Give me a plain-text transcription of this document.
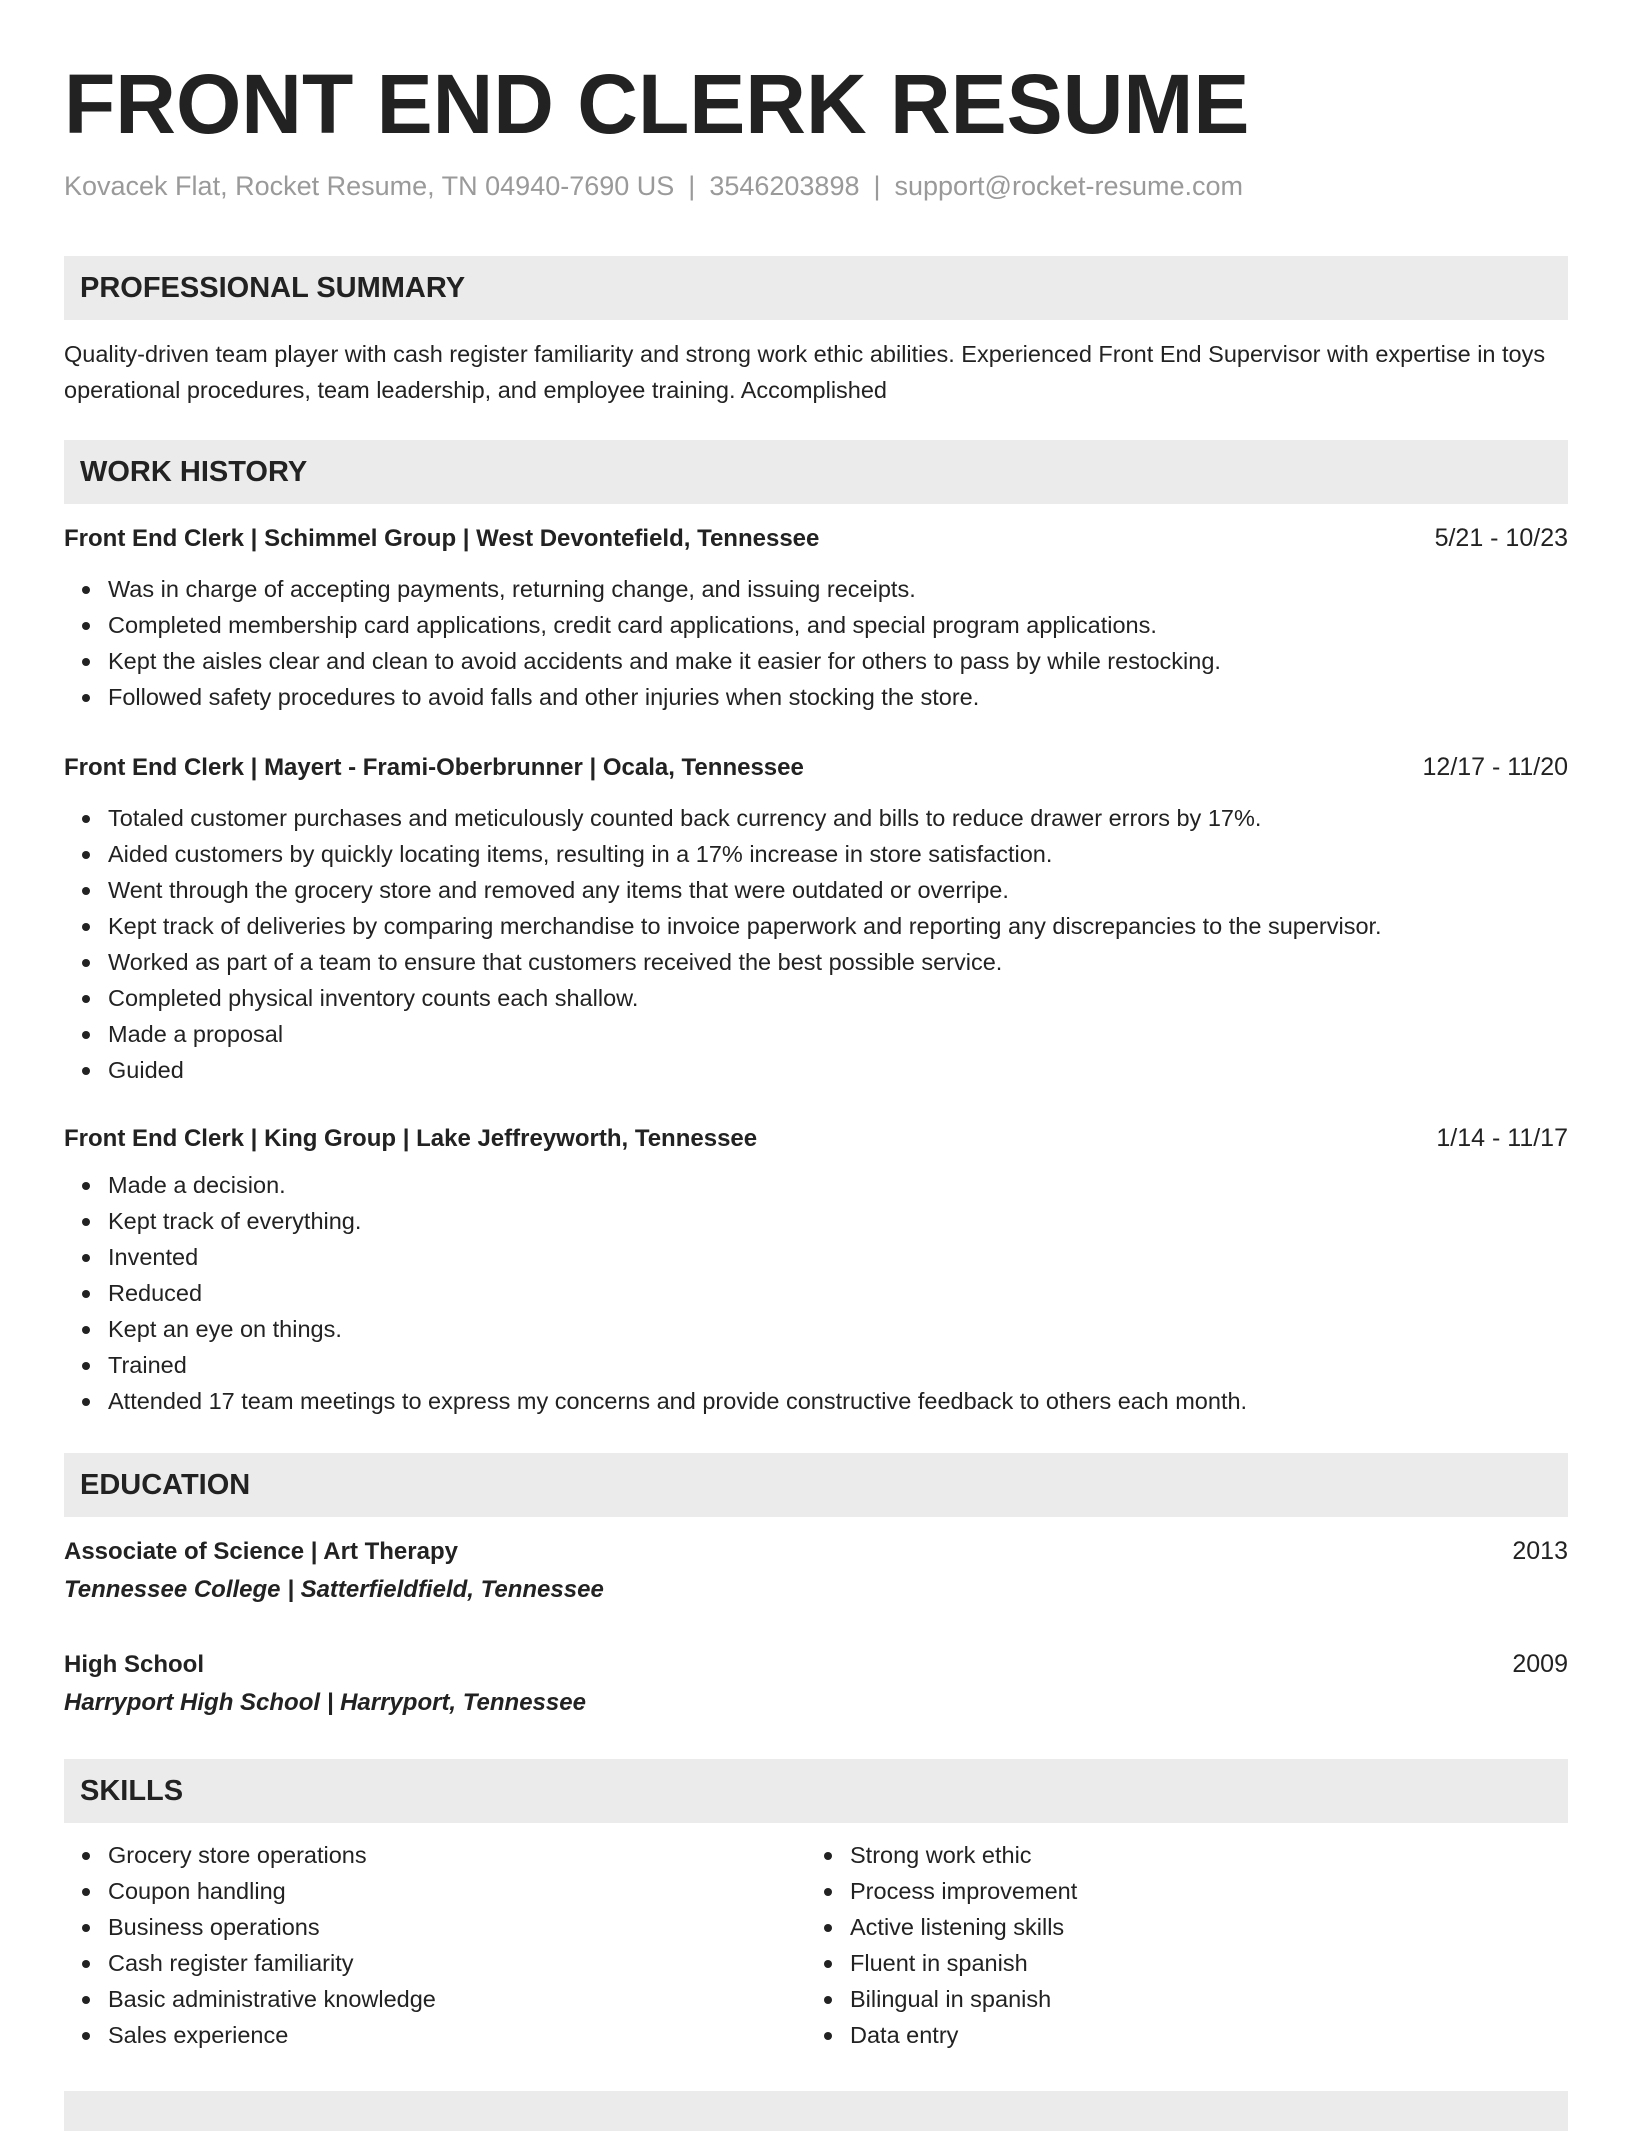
FRONT END CLERK RESUME
Kovacek Flat, Rocket Resume, TN 04940-7690 US | 3546203898 | support@rocket-resume.com
PROFESSIONAL SUMMARY
Quality-driven team player with cash register familiarity and strong work ethic abilities. Experienced Front End Supervisor with expertise in toys operational procedures, team leadership, and employee training. Accomplished
WORK HISTORY
Front End Clerk | Schimmel Group | West Devontefield, Tennessee	5/21 - 10/23
Was in charge of accepting payments, returning change, and issuing receipts.
Completed membership card applications, credit card applications, and special program applications.
Kept the aisles clear and clean to avoid accidents and make it easier for others to pass by while restocking.
Followed safety procedures to avoid falls and other injuries when stocking the store.
Front End Clerk | Mayert - Frami-Oberbrunner | Ocala, Tennessee	12/17 - 11/20
Totaled customer purchases and meticulously counted back currency and bills to reduce drawer errors by 17%.
Aided customers by quickly locating items, resulting in a 17% increase in store satisfaction.
Went through the grocery store and removed any items that were outdated or overripe.
Kept track of deliveries by comparing merchandise to invoice paperwork and reporting any discrepancies to the supervisor.
Worked as part of a team to ensure that customers received the best possible service.
Completed physical inventory counts each shallow.
Made a proposal
Guided
Front End Clerk | King Group | Lake Jeffreyworth, Tennessee	1/14 - 11/17
Made a decision.
Kept track of everything.
Invented
Reduced
Kept an eye on things.
Trained
Attended 17 team meetings to express my concerns and provide constructive feedback to others each month.
EDUCATION
Associate of Science | Art Therapy	2013
Tennessee College | Satterfieldfield, Tennessee
High School	2009
Harryport High School | Harryport, Tennessee
SKILLS
Grocery store operations
Coupon handling
Business operations
Cash register familiarity
Basic administrative knowledge
Sales experience
Strong work ethic
Process improvement
Active listening skills
Fluent in spanish
Bilingual in spanish
Data entry
